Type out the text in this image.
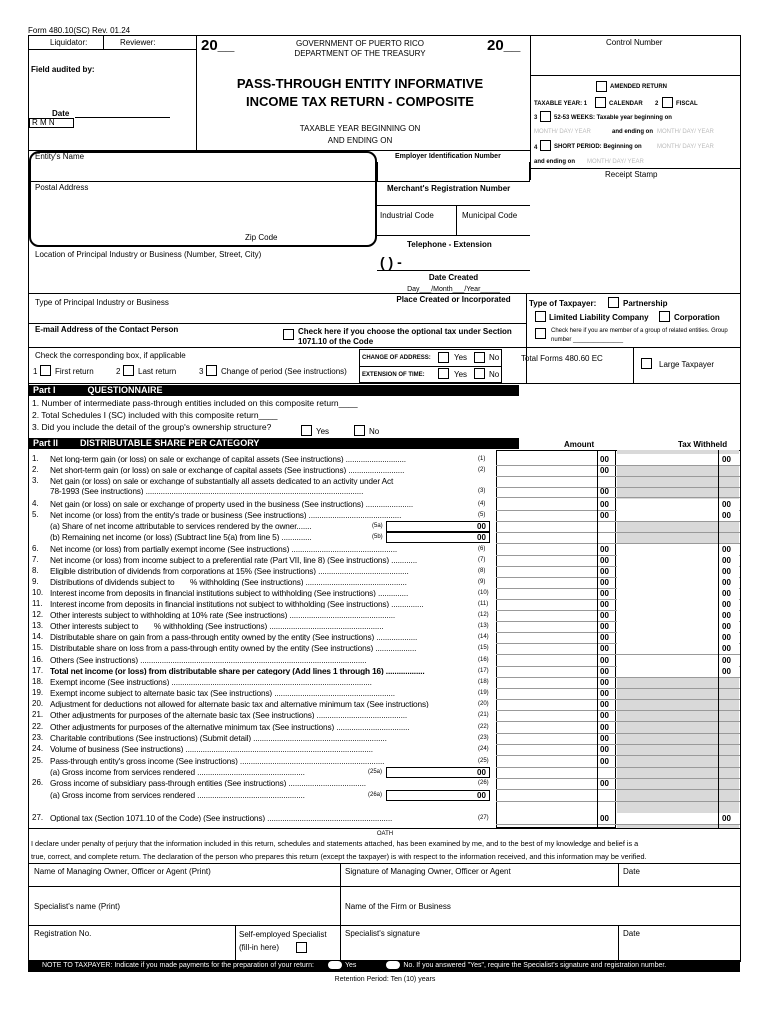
Form 480.10(SC) Rev. 01.24
Liquidator:	Reviewer:	20__	GOVERNMENT OF PUERTO RICO
DEPARTMENT OF THE TREASURY	20__	Control Number
Field audited by:
PASS-THROUGH ENTITY INFORMATIVE
INCOME TAX RETURN - COMPOSITE
Date
R M N
TAXABLE YEAR BEGINNING ON
AND ENDING ON
AMENDED RETURN
TAXABLE YEAR: 1	CALENDAR 2	FISCAL
3	52-53 WEEKS: Taxable year beginning on
MONTH/ DAY/ YEAR	and ending on MONTH/ DAY/ YEAR
4	SHORT PERIOD: Beginning on	MONTH/ DAY/ YEAR
and ending on MONTH/ DAY/ YEAR
Receipt Stamp
Entity's Name	Employer Identification Number
Postal Address	Merchant's Registration Number
Industrial Code	Municipal Code
Zip Code
Telephone - Extension
( ) -
Location of Principal Industry or Business (Number, Street, City)
Date Created
Day___/Month___/Year_____
Place Created or Incorporated
Type of Principal Industry or Business	Type of Taxpayer:	Partnership
Limited Liability Company	Corporation
E-mail Address of the Contact Person	Check here if you choose the optional tax under Section 1071.10 of the Code
Check here if you are member of a group of related entities. Group number _______________
Check the corresponding box, if applicable
1 First return	2 Last return	3 Change of period (See instructions)
CHANGE OF ADDRESS:	Yes	No
EXTENSION OF TIME:	Yes	No
Total Forms 480.60 EC
Large Taxpayer
Part I	QUESTIONNAIRE
1. Number of intermediate pass-through entities included on this composite return____
2. Total Schedules I (SC) included with this composite return____
3. Did you include the detail of the group's ownership structure?	Yes	No
Part II DISTRIBUTABLE SHARE PER CATEGORY	Amount	Tax Withheld
1. Net long-term gain (or loss) on sale or exchange of capital assets (See instructions) ............................	(1)	00	00
2. Net short-term gain (or loss) on sale or exchange of capital assets (See instructions) ..........................	(2)	00
3. Net gain (or loss) on sale or exchange of substantially all assets dedicated to an activity under Act
78-1993 (See instructions) .....................................................................................................	(3)	00
4. Net gain (or loss) on sale or exchange of property used in the business (See instructions) ......................	(4)	00	00
5. Net income (or loss) from the entity's trade or business (See instructions) ...........................................	(5)	00	00
(a) Share of net income attributable to services rendered by the owner.......	(5a)	00
(b) Remaining net income (or loss) (Subtract line 5(a) from line 5) ..............	(5b)	00
6. Net income (or loss) from partially exempt income (See instructions) .................................................	(6)	00	00
7. Net income (or loss) from income subject to a preferential rate (Part VII, line 8) (See instructions) ............	(7)	00	00
8. Eligible distribution of dividends from corporations at 15% (See instructions) ..........................................	(8)	00	00
9. Distributions of dividends subject to ___% withholding (See instructions) ...............................................	(9)	00	00
10. Interest income from deposits in financial institutions subject to withholding (See instructions) ..............	(10)	00	00
11. Interest income from deposits in financial institutions not subject to withholding (See instructions) ...............	(11)	00	00
12. Other interests subject to withholding at 10% rate (See instructions) .................................................	(12)	00	00
13. Other interests subject to ___% withholding (See instructions) .....................................................	(13)	00	00
14. Distributable share on gain from a pass-through entity owned by the entity (See instructions) ...................	(14)	00	00
15. Distributable share on loss from a pass-through entity owned by the entity (See instructions) ...................	(15)	00	00
16. Others (See instructions) .........................................................................................................	(16)	00	00
17. Total net income (or loss) from distributable share per category (Add lines 1 through 16) ..................	(17)	00	00
18. Exempt income (See instructions) .............................................................................................	(18)	00
19. Exempt income subject to alternate basic tax (See instructions) ........................................................	(19)	00
20. Adjustment for deductions not allowed for alternate basic tax and alternative minimum tax (See instructions)	(20)	00
21. Other adjustments for purposes of the alternate basic tax (See instructions) ..........................................	(21)	00
22. Other adjustments for purposes of the alternative minimum tax (See instructions) ..................................	(22)	00
23. Charitable contributions (See instructions) (Submit detail) ..............................................................	(23)	00
24. Volume of business (See instructions) .......................................................................................	(24)	00
25. Pass-through entity's gross income (See instructions) ...................................................................	(25)	00
(a) Gross income from services rendered ..................................................	(25a)	00
26. Gross income of subsidiary pass-through entities (See instructions) ....................................	(26)	00
(a) Gross income from services rendered ..................................................	(26a)	00
27. Optional tax (Section 1071.10 of the Code) (See instructions) ..........................................................	(27)	00	00
OATH
I declare under penalty of perjury that the information included in this return, schedules and statements attached, has been examined by me, and to the best of my knowledge and belief is a
true, correct, and complete return. The declaration of the person who prepares this return (except the taxpayer) is with respect to the information received, and this information may be verified.
Name of Managing Owner, Officer or Agent (Print)	Signature of Managing Owner, Officer or Agent	Date
Specialist's name (Print)	Name of the Firm or Business
Registration No.	Self-employed Specialist
(fill-in here)
Specialist's signature	Date
NOTE TO TAXPAYER: Indicate if you made payments for the preparation of your return:	Yes	No. If you answered "Yes", require the Specialist's signature and registration number.
Retention Period: Ten (10) years
